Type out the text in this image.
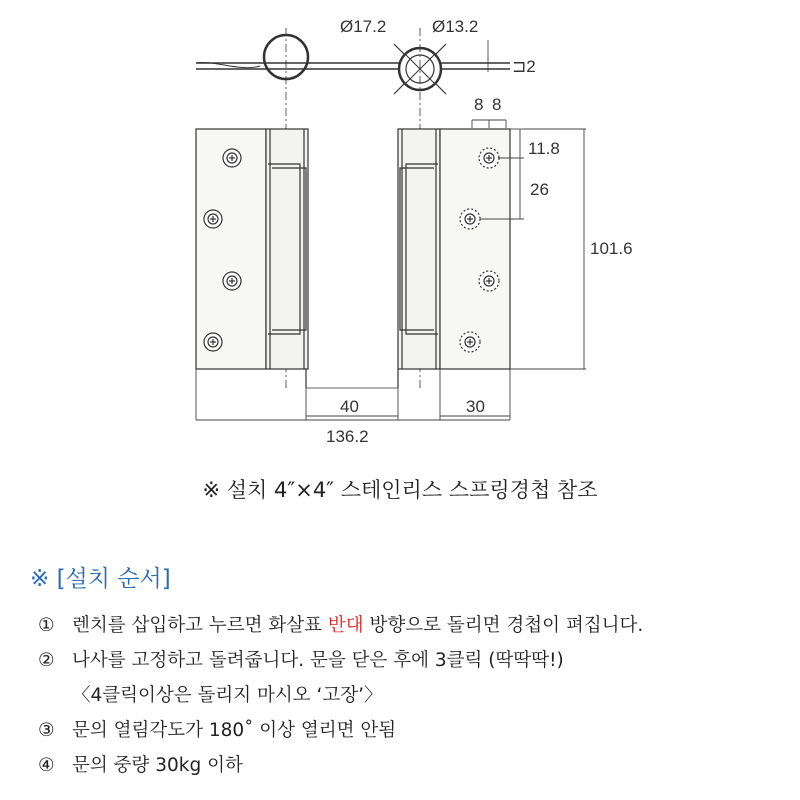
Ø17.2	Ø13.2
⊐2
8 8
11.8
26
101.6
40	30
136.2
※ 설치 4″×4″ 스테인리스 스프링경첩 참조
※ [설치 순서]
① 렌치를 삽입하고 누르면 화살표 반대 방향으로 돌리면 경첩이 펴집니다.
② 나사를 고정하고 돌려줍니다. 문을 닫은 후에 3클릭 (딱딱딱!)
〈4클릭이상은 돌리지 마시오 ‘고장’〉
③ 문의 열림각도가 180˚ 이상 열리면 안됨
④ 문의 중량 30kg 이하
